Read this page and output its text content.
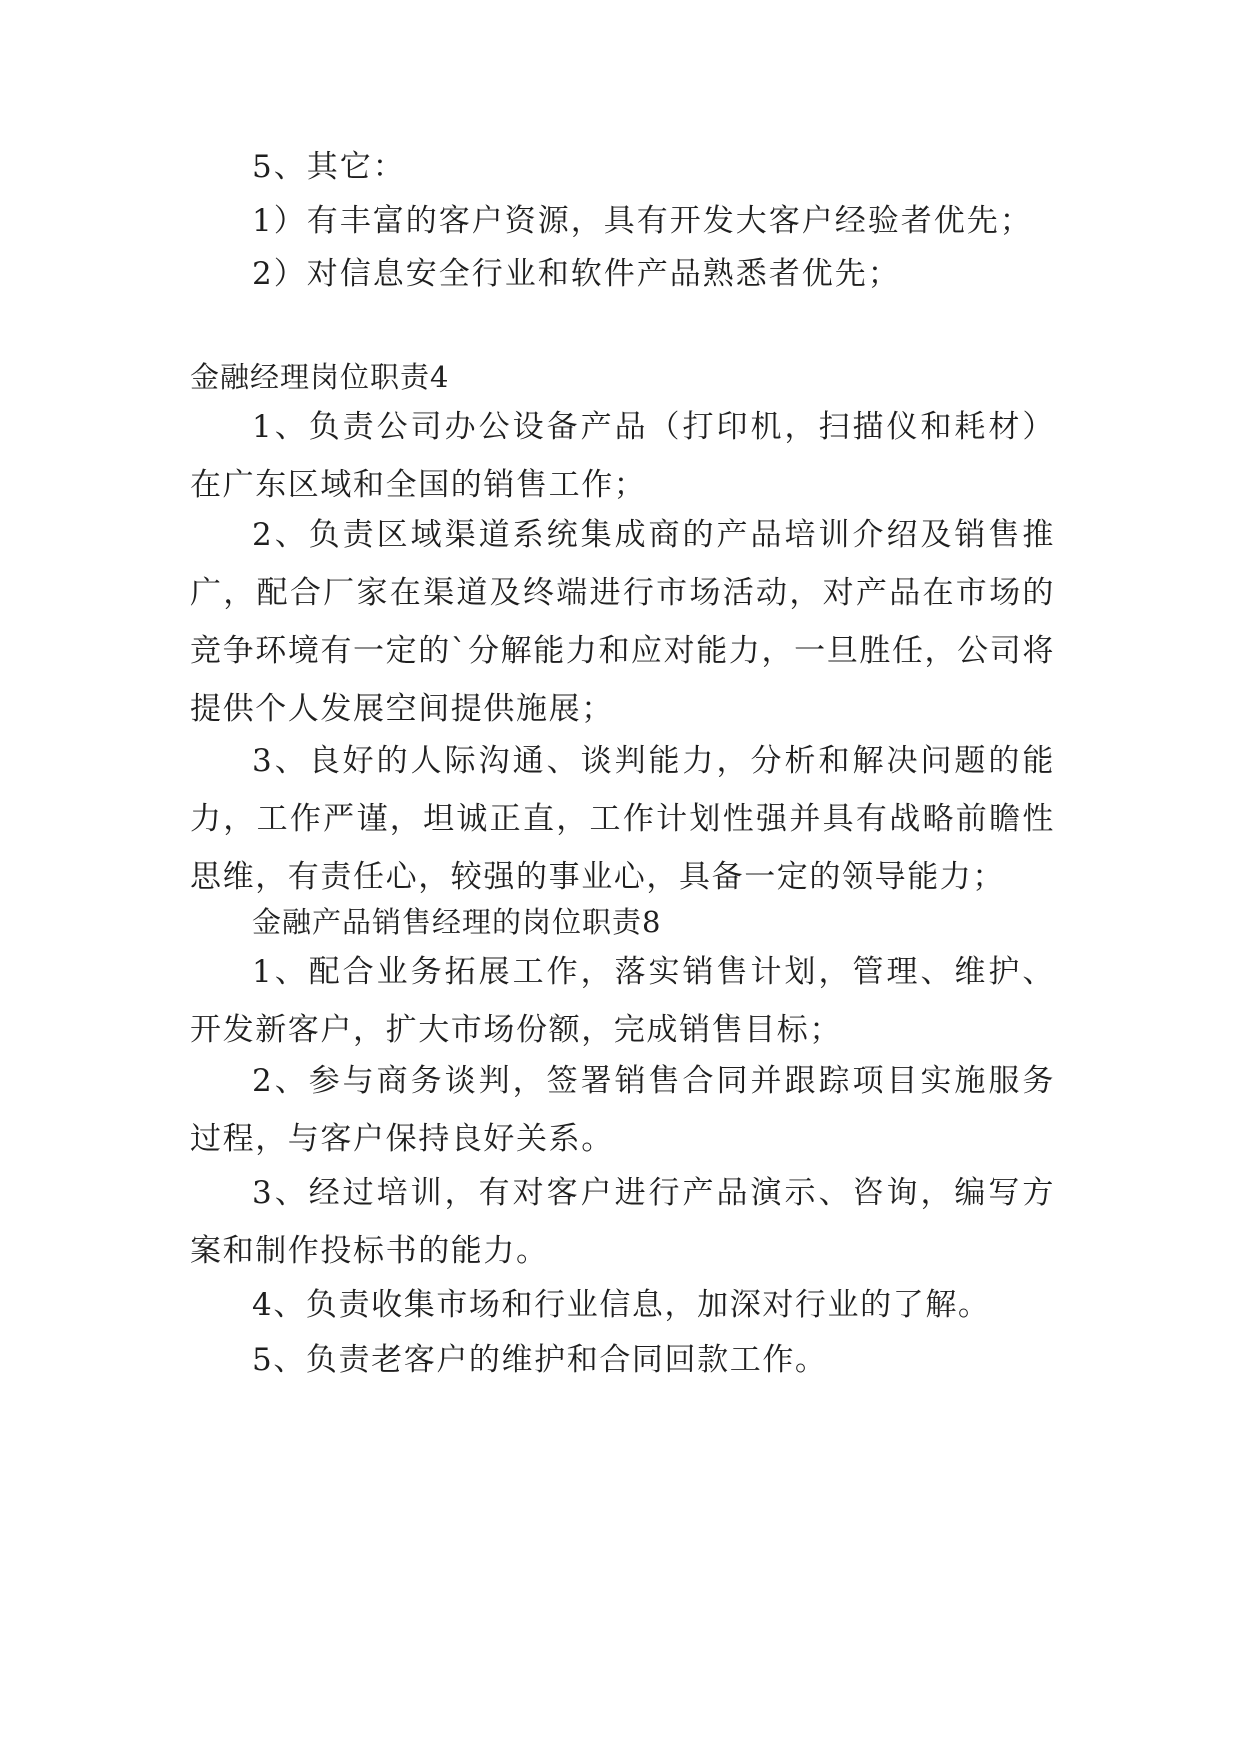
5、其它：
1）有丰富的客户资源，具有开发大客户经验者优先；
2）对信息安全行业和软件产品熟悉者优先；
金融经理岗位职责4

1、负责公司办公设备产品（打印机，扫描仪和耗材）在广东区域和全国的销售工作；

2、负责区域渠道系统集成商的产品培训介绍及销售推广，配合厂家在渠道及终端进行市场活动，对产品在市场的竞争环境有一定的`分解能力和应对能力，一旦胜任，公司将提供个人发展空间提供施展；

3、良好的人际沟通、谈判能力，分析和解决问题的能力，工作严谨，坦诚正直，工作计划性强并具有战略前瞻性思维，有责任心，较强的事业心，具备一定的领导能力；

金融产品销售经理的岗位职责8

1、配合业务拓展工作，落实销售计划，管理、维护、开发新客户，扩大市场份额，完成销售目标；

2、参与商务谈判，签署销售合同并跟踪项目实施服务过程，与客户保持良好关系。

3、经过培训，有对客户进行产品演示、咨询，编写方案和制作投标书的能力。

4、负责收集市场和行业信息，加深对行业的了解。

5、负责老客户的维护和合同回款工作。
